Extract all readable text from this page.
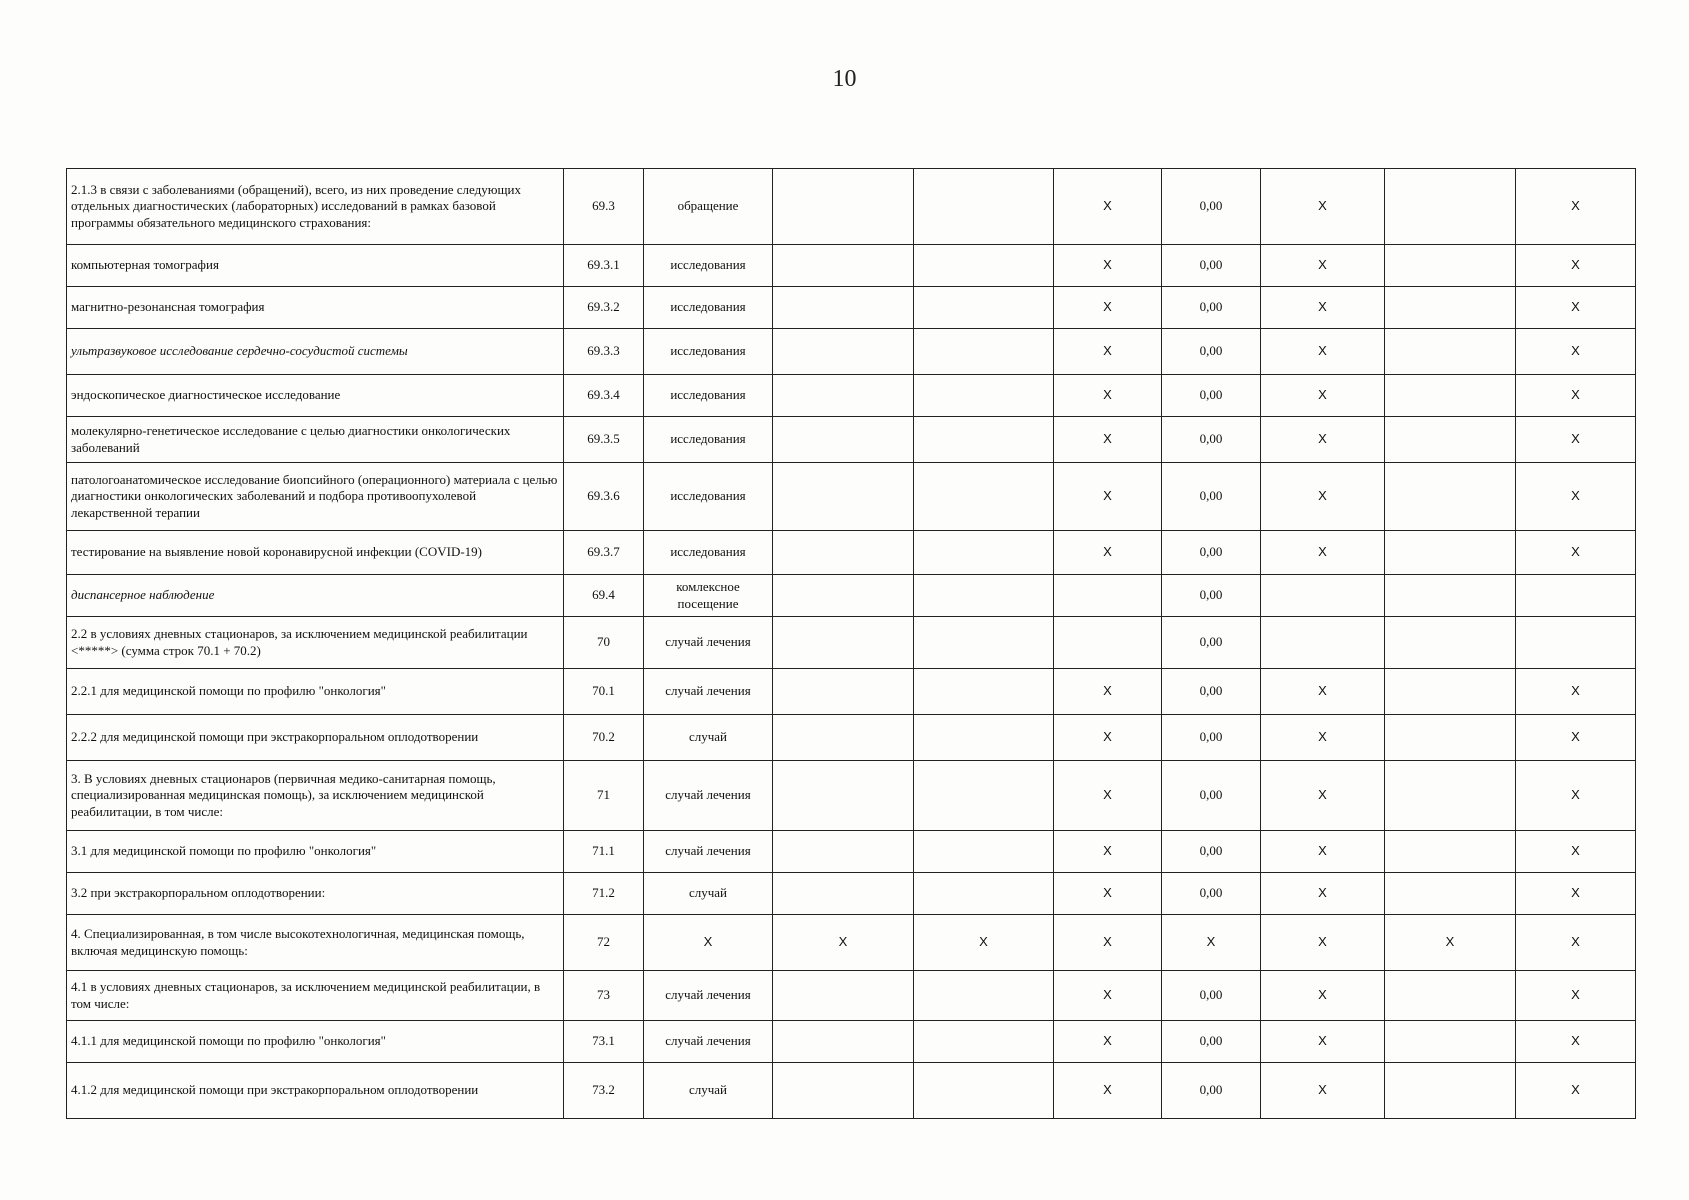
10
2.1.3 в связи с заболеваниями (обращений), всего, из них проведение следующих отдельных диагностических (лабораторных) исследований в рамках базовой программы обязательного медицинского страхования:	69.3	обращение			X	0,00	X		X
компьютерная томография	69.3.1	исследования			X	0,00	X		X
магнитно-резонансная томография	69.3.2	исследования			X	0,00	X		X
ультразвуковое исследование сердечно-сосудистой системы	69.3.3	исследования			X	0,00	X		X
эндоскопическое диагностическое исследование	69.3.4	исследования			X	0,00	X		X
молекулярно-генетическое исследование с целью диагностики онкологических заболеваний	69.3.5	исследования			X	0,00	X		X
патологоанатомическое исследование биопсийного (операционного) материала с целью диагностики онкологических заболеваний и подбора противоопухолевой лекарственной терапии	69.3.6	исследования			X	0,00	X		X
тестирование на выявление новой коронавирусной инфекции (COVID-19)	69.3.7	исследования			X	0,00	X		X
диспансерное наблюдение	69.4	комлексное посещение				0,00			
2.2 в условиях дневных стационаров, за исключением медицинской реабилитации <*****> (сумма строк 70.1 + 70.2)	70	случай лечения				0,00			
2.2.1 для медицинской помощи по профилю "онкология"	70.1	случай лечения			X	0,00	X		X
2.2.2 для медицинской помощи при экстракорпоральном оплодотворении	70.2	случай			X	0,00	X		X
3. В условиях дневных стационаров (первичная медико-санитарная помощь, специализированная медицинская помощь), за исключением медицинской реабилитации, в том числе:	71	случай лечения			X	0,00	X		X
3.1 для медицинской помощи по профилю "онкология"	71.1	случай лечения			X	0,00	X		X
3.2 при экстракорпоральном оплодотворении:	71.2	случай			X	0,00	X		X
4. Специализированная, в том числе высокотехнологичная, медицинская помощь, включая медицинскую помощь:	72	X	X	X	X	X	X	X	X
4.1 в условиях дневных стационаров, за исключением медицинской реабилитации, в том числе:	73	случай лечения			X	0,00	X		X
4.1.1 для медицинской помощи по профилю "онкология"	73.1	случай лечения			X	0,00	X		X
4.1.2 для медицинской помощи при экстракорпоральном оплодотворении	73.2	случай			X	0,00	X		X
